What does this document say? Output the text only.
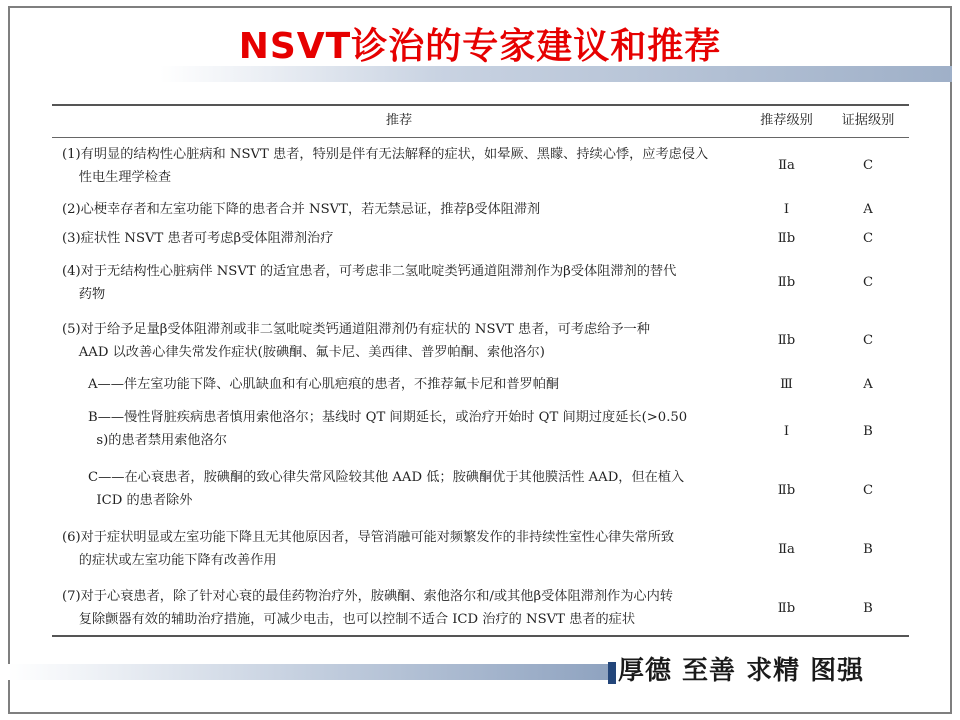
NSVT诊治的专家建议和推荐
推荐	推荐级别	证据级别
(1)有明显的结构性心脏病和 NSVT 患者，特别是伴有无法解释的症状，如晕厥、黑矇、持续心悸，应考虑侵入
性电生理学检查
Ⅱa	C
(2)心梗幸存者和左室功能下降的患者合并 NSVT，若无禁忌证，推荐β受体阻滞剂	Ⅰ	A
(3)症状性 NSVT 患者可考虑β受体阻滞剂治疗	Ⅱb	C
(4)对于无结构性心脏病伴 NSVT 的适宜患者，可考虑非二氢吡啶类钙通道阻滞剂作为β受体阻滞剂的替代
药物
Ⅱb	C
(5)对于给予足量β受体阻滞剂或非二氢吡啶类钙通道阻滞剂仍有症状的 NSVT 患者，可考虑给予一种
AAD 以改善心律失常发作症状(胺碘酮、氟卡尼、美西律、普罗帕酮、索他洛尔)
Ⅱb	C
A——伴左室功能下降、心肌缺血和有心肌疤痕的患者，不推荐氟卡尼和普罗帕酮	Ⅲ	A
B——慢性肾脏疾病患者慎用索他洛尔；基线时 QT 间期延长，或治疗开始时 QT 间期过度延长(>0.50
s)的患者禁用索他洛尔
Ⅰ	B
C——在心衰患者，胺碘酮的致心律失常风险较其他 AAD 低；胺碘酮优于其他膜活性 AAD，但在植入
ICD 的患者除外
Ⅱb	C
(6)对于症状明显或左室功能下降且无其他原因者，导管消融可能对频繁发作的非持续性室性心律失常所致
的症状或左室功能下降有改善作用
Ⅱa	B
(7)对于心衰患者，除了针对心衰的最佳药物治疗外，胺碘酮、索他洛尔和/或其他β受体阻滞剂作为心内转
复除颤器有效的辅助治疗措施，可减少电击，也可以控制不适合 ICD 治疗的 NSVT 患者的症状
Ⅱb	B
厚德 至善 求精 图强
